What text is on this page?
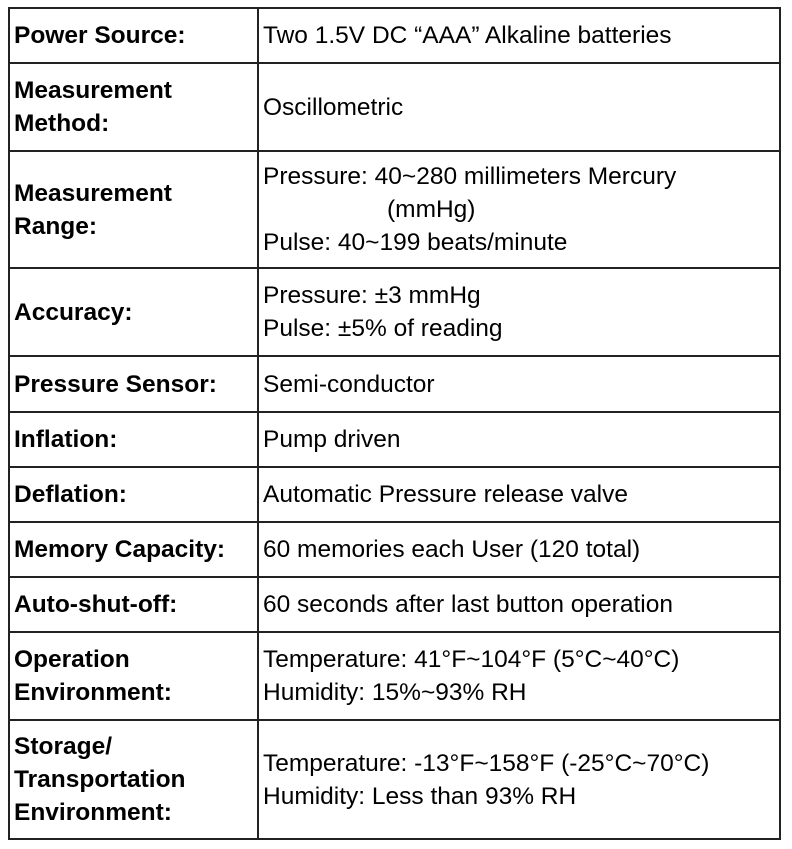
Power Source:	Two 1.5V DC “AAA” Alkaline batteries

Measurement
Method:	Oscillometric

Measurement
Range:	Pressure: 40~280 millimeters Mercury
(mmHg)
Pulse: 40~199 beats/minute

Accuracy:	Pressure: ±3 mmHg
Pulse: ±5% of reading

Pressure Sensor:	Semi-conductor

Inflation:	Pump driven

Deflation:	Automatic Pressure release valve

Memory Capacity:	60 memories each User (120 total)

Auto-shut-off:	60 seconds after last button operation

Operation
Environment:	Temperature: 41°F~104°F (5°C~40°C)
Humidity: 15%~93% RH

Storage/
Transportation
Environment:	Temperature: -13°F~158°F (-25°C~70°C)
Humidity: Less than 93% RH
